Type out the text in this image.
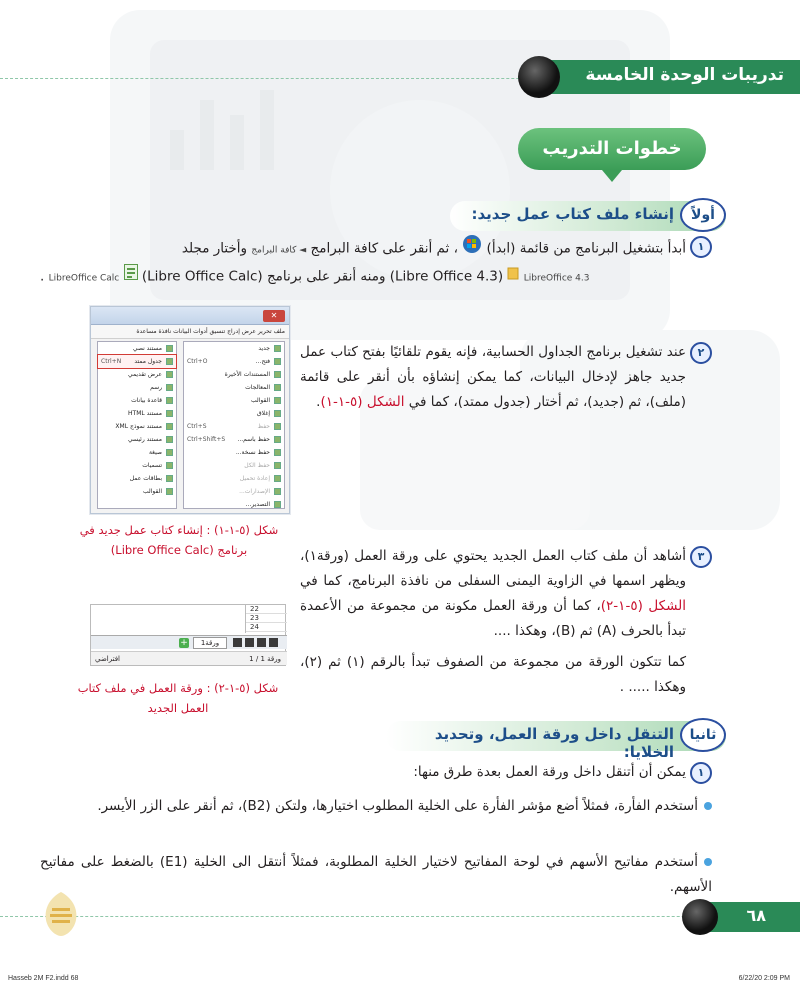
تدريبات الوحدة الخامسة
خطوات التدريب
أولاً
إنشاء ملف كتاب عمل جديد:
١
أبدأ بتشغيل البرنامج من قائمة (ابدأ)  ، ثم أنقر على كافة البرامج ◄ كافة البرامج وأختار مجلد

. LibreOffice Calc (Libre Office 4.3) ومنه أنقر على برنامج (Libre Office Calc) LibreOffice 4.3
✕
ملف تحرير عرض إدراج تنسيق أدوات البيانات نافذة مساعدة
مستند نصي
جدول ممتد
Ctrl+N
عرض تقديمي
رسم
قاعدة بيانات
مستند HTML
مستند نموذج XML
مستند رئيسي
صيغة
تسميات
بطاقات عمل
القوالب
جديد
فتح...
Ctrl+O
المستندات الأخيرة
المعالجات
القوالب
إغلاق
حفظ
Ctrl+S
حفظ باسم...
Ctrl+Shift+S
حفظ نسخة...
حفظ الكل
إعادة تحميل
الإصدارات...
التصدير...
شكل (٥-١-١) : إنشاء كتاب عمل جديد في
برنامج (Libre Office Calc)
٢
عند تشغيل برنامج الجداول الحسابية، فإنه يقوم تلقائيًا بفتح كتاب عمل جديد جاهز لإدخال البيانات، كما يمكن إنشاؤه بأن أنقر على قائمة (ملف)، ثم (جديد)، ثم أختار (جدول ممتد)، كما في الشكل (٥-١-١).
٣
أشاهد أن ملف كتاب العمل الجديد يحتوي على ورقة العمل (ورقة١)، ويظهر اسمها في الزاوية اليمنى السفلى من نافذة البرنامج، كما في الشكل (٥-١-٢)، كما أن ورقة العمل مكونة من مجموعة من الأعمدة تبدأ بالحرف (A) ثم (B)، وهكذا ....
كما تتكون الورقة من مجموعة من الصفوف تبدأ بالرقم (١) ثم (٢)، وهكذا ..... .
22
23
24
+	ورقة1
افتراضي	ورقة 1 / 1
شكل (٥-١-٢) : ورقة العمل في ملف كتاب
العمل الجديد
ثانيا
التنقل داخل ورقة العمل، وتحديد الخلايا:
١
يمكن أن أتنقل داخل ورقة العمل بعدة طرق منها:
أستخدم الفأرة، فمثلاً أضع مؤشر الفأرة على الخلية المطلوب اختيارها، ولتكن (B2)، ثم أنقر على الزر الأيسر.
أستخدم مفاتيح الأسهم في لوحة المفاتيح لاختيار الخلية المطلوبة، فمثلاً أنتقل الى الخلية (E1) بالضغط على مفاتيح الأسهم.
٦٨
Hasseb 2M F2.indd 68	6/22/20 2:09 PM
